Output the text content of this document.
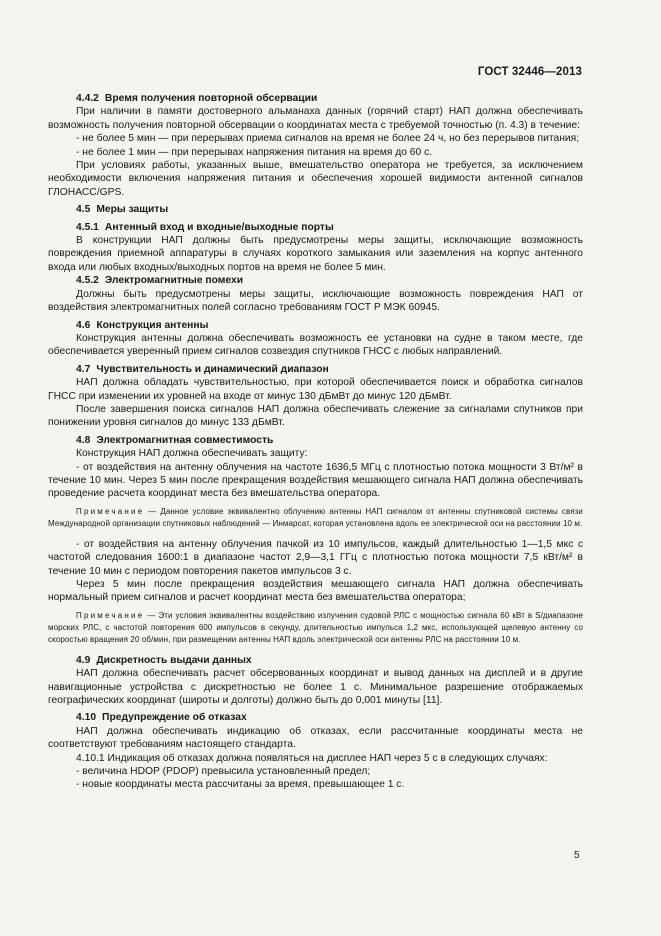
ГОСТ 32446—2013

4.4.2 Время получения повторной обсервации

При наличии в памяти достоверного альманаха данных (горячий старт) НАП должна обеспечивать возможность получения повторной обсервации о координатах места с требуемой точностью (п. 4.3) в течение:

- не более 5 мин — при перерывах приема сигналов на время не более 24 ч, но без перерывов питания;

- не более 1 мин — при перерывах напряжения питания на время до 60 с.

При условиях работы, указанных выше, вмешательство оператора не требуется, за исключением необходимости включения напряжения питания и обеспечения хорошей видимости антенной сигналов ГЛОНАСС/GPS.

4.5 Меры защиты

4.5.1 Антенный вход и входные/выходные порты

В конструкции НАП должны быть предусмотрены меры защиты, исключающие возможность повреждения приемной аппаратуры в случаях короткого замыкания или заземления на корпус антенного входа или любых входных/выходных портов на время не более 5 мин.

4.5.2 Электромагнитные помехи

Должны быть предусмотрены меры защиты, исключающие возможность повреждения НАП от воздействия электромагнитных полей согласно требованиям ГОСТ Р МЭК 60945.

4.6 Конструкция антенны

Конструкция антенны должна обеспечивать возможность ее установки на судне в таком месте, где обеспечивается уверенный прием сигналов созвездия спутников ГНСС с любых направлений.

4.7 Чувствительность и динамический диапазон

НАП должна обладать чувствительностью, при которой обеспечивается поиск и обработка сигналов ГНСС при изменении их уровней на входе от минус 130 дБмВт до минус 120 дБмВт.

После завершения поиска сигналов НАП должна обеспечивать слежение за сигналами спутников при понижении уровня сигналов до минус 133 дБмВт.

4.8 Электромагнитная совместимость

Конструкция НАП должна обеспечивать защиту:

- от воздействия на антенну облучения на частоте 1636,5 МГц с плотностью потока мощности 3 Вт/м² в течение 10 мин. Через 5 мин после прекращения воздействия мешающего сигнала НАП должна обеспечивать проведение расчета координат места без вмешательства оператора.

Примечание — Данное условие эквивалентно облучению антенны НАП сигналом от антенны спутниковой системы связи Международной организации спутниковых наблюдений — Инмарсат, которая установлена вдоль ее электрической оси на расстоянии 10 м.

- от воздействия на антенну облучения пачкой из 10 импульсов, каждый длительностью 1—1,5 мкс с частотой следования 1600:1 в диапазоне частот 2,9—3,1 ГГц с плотностью потока мощности 7,5 кВт/м² в течение 10 мин с периодом повторения пакетов импульсов 3 с.

Через 5 мин после прекращения воздействия мешающего сигнала НАП должна обеспечивать нормальный прием сигналов и расчет координат места без вмешательства оператора;

Примечание — Эти условия эквивалентны воздействию излучения судовой РЛС с мощностью сигнала 60 кВт в S/диапазоне морских РЛС, с частотой повторения 600 импульсов в секунду, длительностью импульса 1,2 мкс, использующей щелевую антенну со скоростью вращения 20 об/мин, при размещении антенны НАП вдоль электрической оси антенны РЛС на расстоянии 10 м.

4.9 Дискретность выдачи данных

НАП должна обеспечивать расчет обсервованных координат и вывод данных на дисплей и в другие навигационные устройства с дискретностью не более 1 с. Минимальное разрешение отображаемых географических координат (широты и долготы) должно быть до 0,001 минуты [11].

4.10 Предупреждение об отказах

НАП должна обеспечивать индикацию об отказах, если рассчитанные координаты места не соответствуют требованиям настоящего стандарта.

4.10.1 Индикация об отказах должна появляться на дисплее НАП через 5 с в следующих случаях:

- величина HDOP (PDOP) превысила установленный предел;

- новые координаты места рассчитаны за время, превышающее 1 с.

5
